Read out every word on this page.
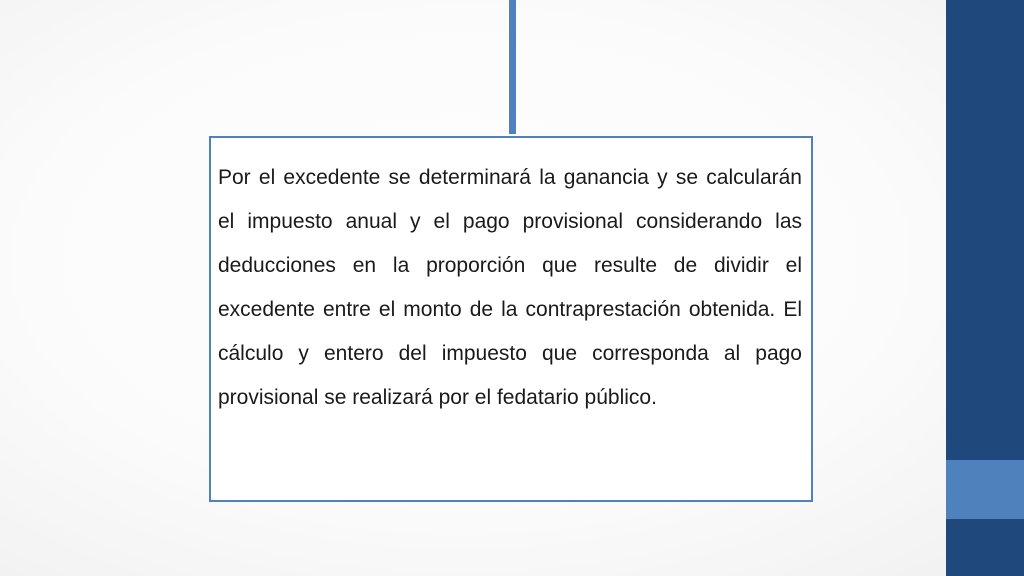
Por el excedente se determinará la ganancia y se calcularán el impuesto anual y el pago provisional considerando las deducciones en la proporción que resulte de dividir el excedente entre el monto de la contraprestación obtenida. El cálculo y entero del impuesto que corresponda al pago provisional se realizará por el fedatario público.
